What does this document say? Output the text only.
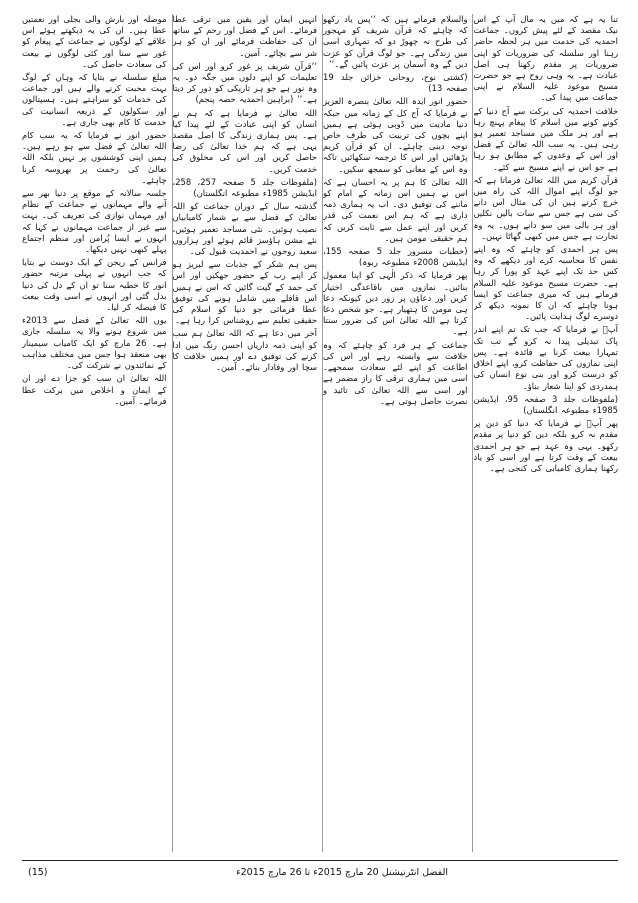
تنا یہ ہے کہ میں یہ مال آپ کے اس نیک مقصد کے لئے پیش کروں۔ جماعت احمدیہ کی خدمت میں ہر لحظہ حاضر رہنا اور سلسلہ کی ضروریات کو اپنی ضروریات پر مقدم رکھنا ہی اصل عبادت ہے۔ یہ وہی روح ہے جو حضرت مسیح موعود علیہ السلام نے اپنی جماعت میں پیدا کی۔

خلافت احمدیہ کی برکت سے آج دنیا کے کونے کونے میں اسلام کا پیغام پہنچ رہا ہے اور ہر ملک میں مساجد تعمیر ہو رہی ہیں۔ یہ سب اللہ تعالیٰ کے فضل اور اس کے وعدوں کے مطابق ہو رہا ہے جو اس نے اپنے مسیح سے کئے۔

قرآن کریم میں اللہ تعالیٰ فرماتا ہے کہ جو لوگ اپنے اموال اللہ کی راہ میں خرچ کرتے ہیں ان کی مثال اس دانے کی سی ہے جس سے سات بالیں نکلیں اور ہر بالی میں سو دانے ہوں۔ یہ وہ تجارت ہے جس میں کبھی گھاٹا نہیں۔

پس ہر احمدی کو چاہئے کہ وہ اپنے نفس کا محاسبہ کرے اور دیکھے کہ وہ کس حد تک اپنے عہد کو پورا کر رہا ہے۔ حضرت مسیح موعود علیہ السلام فرماتے ہیں کہ میری جماعت کو ایسا ہونا چاہئے کہ ان کا نمونہ دیکھ کر دوسرے لوگ ہدایت پائیں۔

آپؑ نے فرمایا کہ جب تک تم اپنے اندر پاک تبدیلی پیدا نہ کرو گے تب تک تمہارا بیعت کرنا بے فائدہ ہے۔ پس اپنی نمازوں کی حفاظت کرو، اپنے اخلاق کو درست کرو اور بنی نوع انسان کی ہمدردی کو اپنا شعار بناؤ۔

(ملفوظات جلد 3 صفحہ 95، ایڈیشن 1985ء مطبوعہ انگلستان)

پھر آپؑ نے فرمایا کہ دنیا کو دین پر مقدم نہ کرو بلکہ دین کو دنیا پر مقدم رکھو۔ یہی وہ عہد ہے جو ہر احمدی بیعت کے وقت کرتا ہے اور اسی کو یاد رکھنا ہماری کامیابی کی کنجی ہے۔

والسلام فرماتے ہیں کہ ‘‘پس یاد رکھو کہ چاہئے کہ قرآن شریف کو مہجور کی طرح نہ چھوڑ دو کہ تمہاری اسی میں زندگی ہے۔ جو لوگ قرآن کو عزت دیں گے وہ آسمان پر عزت پائیں گے۔’’

(کشتی نوح، روحانی خزائن جلد 19 صفحہ 13)

حضور انور ایدہ اللہ تعالیٰ بنصرہ العزیز نے فرمایا کہ آج کل کے زمانہ میں جبکہ دنیا مادیت میں ڈوبی ہوئی ہے ہمیں اپنے بچوں کی تربیت کی طرف خاص توجہ دینی چاہئے۔ ان کو قرآن کریم پڑھائیں اور اس کا ترجمہ سکھائیں تاکہ وہ اس کے معانی کو سمجھ سکیں۔

اللہ تعالیٰ کا ہم پر یہ احسان ہے کہ اس نے ہمیں اس زمانہ کے امام کو ماننے کی توفیق دی۔ اب یہ ہماری ذمہ داری ہے کہ ہم اس نعمت کی قدر کریں اور اپنے عمل سے ثابت کریں کہ ہم حقیقی مومن ہیں۔

(خطبات مسرور جلد 5 صفحہ 155، ایڈیشن 2008ء مطبوعہ ربوہ)

پھر فرمایا کہ ذکر الٰہی کو اپنا معمول بنائیں۔ نمازوں میں باقاعدگی اختیار کریں اور دعاؤں پر زور دیں کیونکہ دعا ہی مومن کا ہتھیار ہے۔ جو شخص دعا کرتا ہے اللہ تعالیٰ اس کی ضرور سنتا ہے۔

جماعت کے ہر فرد کو چاہئے کہ وہ خلافت سے وابستہ رہے اور اس کی اطاعت کو اپنے لئے سعادت سمجھے۔ اسی میں ہماری ترقی کا راز مضمر ہے اور اسی سے اللہ تعالیٰ کی تائید و نصرت حاصل ہوتی ہے۔

انہیں ایمان اور یقین میں ترقی عطا فرمائے۔ اس کے فضل اور رحم کے ساتھ ان کی حفاظت فرمائے اور ان کو ہر شر سے بچائے۔ آمین۔

‘‘قرآن شریف پر غور کرو اور اس کی تعلیمات کو اپنے دلوں میں جگہ دو۔ یہ وہ نور ہے جو ہر تاریکی کو دور کر دیتا ہے۔’’ (براہین احمدیہ حصہ پنجم)

اللہ تعالیٰ نے فرمایا ہے کہ ہم نے انسان کو اپنی عبادت کے لئے پیدا کیا ہے۔ پس ہماری زندگی کا اصل مقصد یہی ہے کہ ہم خدا تعالیٰ کی رضا حاصل کریں اور اس کی مخلوق کی خدمت کریں۔

(ملفوظات جلد 5 صفحہ 257، 258، ایڈیشن 1985ء مطبوعہ انگلستان)

گذشتہ سال کے دوران جماعت کو اللہ تعالیٰ کے فضل سے بے شمار کامیابیاں نصیب ہوئیں۔ نئی مساجد تعمیر ہوئیں، نئے مشن ہاؤسز قائم ہوئے اور ہزاروں سعید روحوں نے احمدیت قبول کی۔

پس ہم شکر کے جذبات سے لبریز ہو کر اپنے رب کے حضور جھکیں اور اس کی حمد کے گیت گائیں کہ اس نے ہمیں اس قافلے میں شامل ہونے کی توفیق عطا فرمائی جو دنیا کو اسلام کی حقیقی تعلیم سے روشناس کرا رہا ہے۔

آخر میں دعا ہے کہ اللہ تعالیٰ ہم سب کو اپنی ذمہ داریاں احسن رنگ میں ادا کرنے کی توفیق دے اور ہمیں خلافت کا سچا اور وفادار بنائے۔ آمین۔

موصلہ اور بارش والی بجلی اور نعمتیں عطا ہیں۔ ان کی یہ دیکھتے ہوئے اس علاقے کے لوگوں نے جماعت کے پیغام کو غور سے سنا اور کئی لوگوں نے بیعت کی سعادت حاصل کی۔

مبلغ سلسلہ نے بتایا کہ وہاں کے لوگ بہت محبت کرنے والے ہیں اور جماعت کی خدمات کو سراہتے ہیں۔ ہسپتالوں اور سکولوں کے ذریعہ انسانیت کی خدمت کا کام بھی جاری ہے۔

حضور انور نے فرمایا کہ یہ سب کام اللہ تعالیٰ کے فضل سے ہو رہے ہیں۔ ہمیں اپنی کوششوں پر نہیں بلکہ اللہ تعالیٰ کی رحمت پر بھروسہ کرنا چاہئے۔

جلسہ سالانہ کے موقع پر دنیا بھر سے آنے والے مہمانوں نے جماعت کے نظام اور مہمان نوازی کی تعریف کی۔ بہت سے غیر از جماعت مہمانوں نے کہا کہ انہوں نے ایسا پُرامن اور منظم اجتماع پہلے کبھی نہیں دیکھا۔

فرانس کے ریجن کے ایک دوست نے بتایا کہ جب انہوں نے پہلی مرتبہ حضور انور کا خطبہ سنا تو ان کے دل کی دنیا بدل گئی اور انہوں نے اسی وقت بیعت کا فیصلہ کر لیا۔

یوں اللہ تعالیٰ کے فضل سے 2013ء میں شروع ہونے والا یہ سلسلہ جاری ہے۔ 26 مارچ کو ایک کامیاب سیمینار بھی منعقد ہوا جس میں مختلف مذاہب کے نمائندوں نے شرکت کی۔

اللہ تعالیٰ ان سب کو جزا دے اور ان کے ایمان و اخلاص میں برکت عطا فرمائے۔ آمین۔

الفضل انٹرنیشنل 20 مارچ 2015ء تا 26 مارچ 2015ء
(15)
